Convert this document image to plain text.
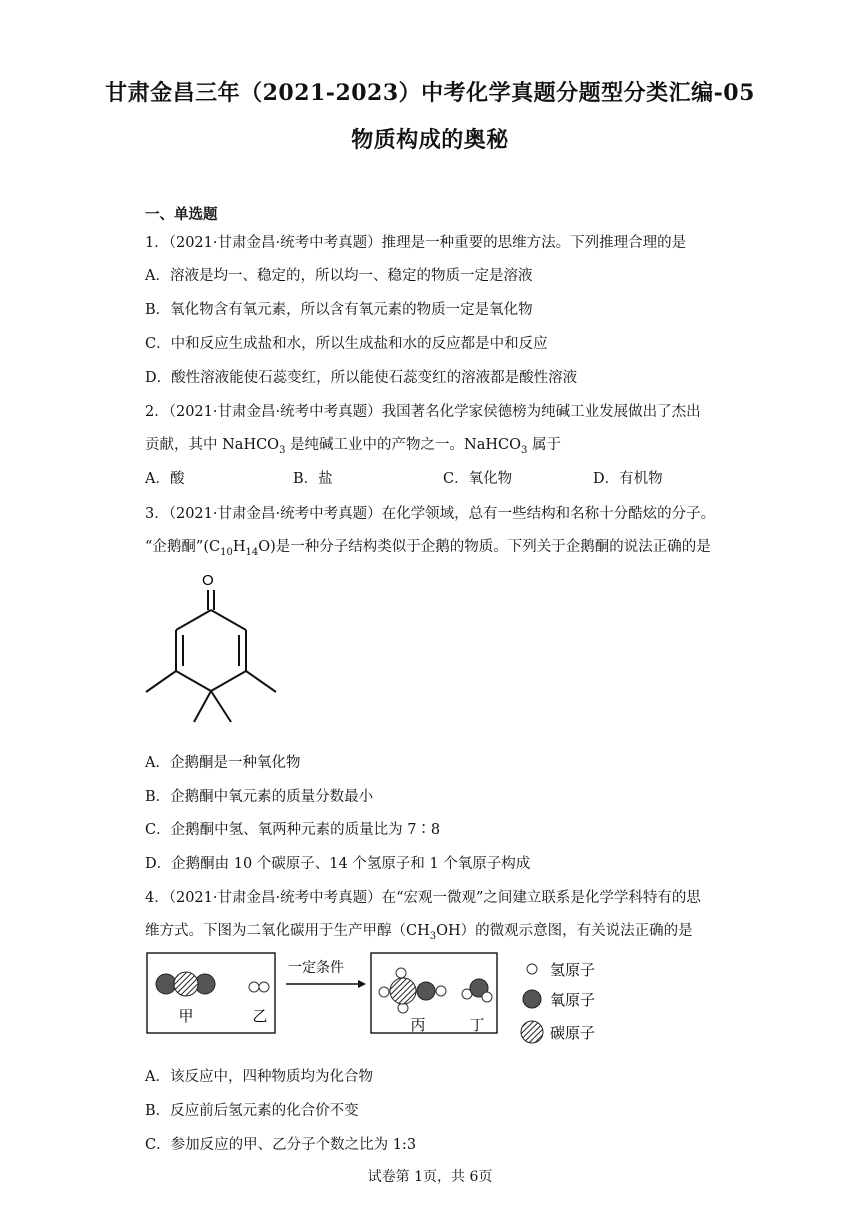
甘肃金昌三年（2021-2023）中考化学真题分题型分类汇编-05
物质构成的奥秘
一、单选题
1．（2021·甘肃金昌·统考中考真题）推理是一种重要的思维方法。下列推理合理的是
A．溶液是均一、稳定的，所以均一、稳定的物质一定是溶液
B．氧化物含有氧元素，所以含有氧元素的物质一定是氧化物
C．中和反应生成盐和水，所以生成盐和水的反应都是中和反应
D．酸性溶液能使石蕊变红，所以能使石蕊变红的溶液都是酸性溶液
2．（2021·甘肃金昌·统考中考真题）我国著名化学家侯德榜为纯碱工业发展做出了杰出
贡献，其中 NaHCO$_3$ 是纯碱工业中的产物之一。NaHCO$_3$ 属于
A．酸	B．盐	C．氧化物	D．有机物
3．（2021·甘肃金昌·统考中考真题）在化学领域，总有一些结构和名称十分酷炫的分子。
“企鹅酮$”(C_{10}H_{14}O)$是一种分子结构类似于企鹅的物质。下列关于企鹅酮的说法正确的是
O
A．企鹅酮是一种氧化物
B．企鹅酮中氧元素的质量分数最小
C．企鹅酮中氢、氧两种元素的质量比为 7∶8
D．企鹅酮由 10 个碳原子、14 个氢原子和 1 个氧原子构成
4．（2021·甘肃金昌·统考中考真题）在“宏观一微观”之间建立联系是化学学科特有的思
维方式。下图为二氧化碳用于生产甲醇$(CH_3OH)$的微观示意图，有关说法正确的是
甲	乙
一定条件
丙	丁
氢原子
氧原子
碳原子
A．该反应中，四种物质均为化合物
B．反应前后氢元素的化合价不变
C．参加反应的甲、乙分子个数之比为 1:3
试卷第 1页，共 6页
